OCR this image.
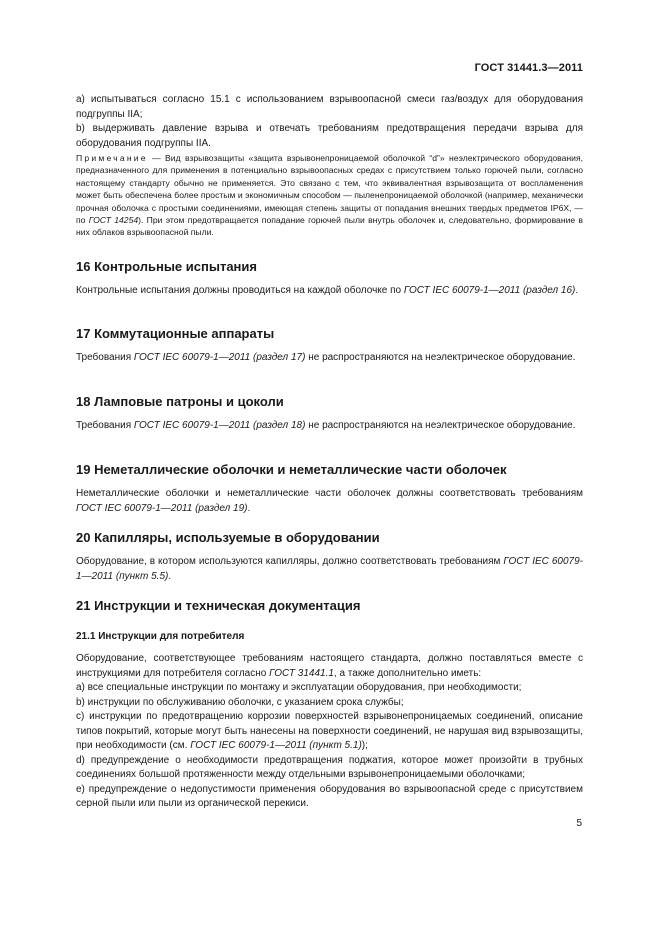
ГОСТ 31441.3—2011

а) испытываться согласно 15.1 с использованием взрывоопасной смеси газ/воздух для оборудования подгруппы IIA;

b) выдерживать давление взрыва и отвечать требованиям предотвращения передачи взрыва для оборудования подгруппы IIA.

Примечание — Вид взрывозащиты «защита взрывонепроницаемой оболочкой “d”» неэлектрического оборудования, предназначенного для применения в потенциально взрывоопасных средах с присутствием только горючей пыли, согласно настоящему стандарту обычно не применяется. Это связано с тем, что эквивалентная взрывозащита от воспламенения может быть обеспечена более простым и экономичным способом — пыленепроницаемой оболочкой (например, механически прочная оболочка с простыми соединениями, имеющая степень защиты от попадания внешних твердых предметов IP6X, — по ГОСТ 14254). При этом предотвращается попадание горючей пыли внутрь оболочек и, следовательно, формирование в них облаков взрывоопасной пыли.

16 Контрольные испытания

Контрольные испытания должны проводиться на каждой оболочке по ГОСТ IEC 60079-1—2011 (раздел 16).

17 Коммутационные аппараты

Требования ГОСТ IEC 60079-1—2011 (раздел 17) не распространяются на неэлектрическое оборудование.

18 Ламповые патроны и цоколи

Требования ГОСТ IEC 60079-1—2011 (раздел 18) не распространяются на неэлектрическое оборудование.

19 Неметаллические оболочки и неметаллические части оболочек

Неметаллические оболочки и неметаллические части оболочек должны соответствовать требованиям ГОСТ IEC 60079-1—2011 (раздел 19).

20 Капилляры, используемые в оборудовании

Оборудование, в котором используются капилляры, должно соответствовать требованиям ГОСТ IEC 60079-1—2011 (пункт 5.5).

21 Инструкции и техническая документация
21.1 Инструкции для потребителя

Оборудование, соответствующее требованиям настоящего стандарта, должно поставляться вместе с инструкциями для потребителя согласно ГОСТ 31441.1, а также дополнительно иметь:

а) все специальные инструкции по монтажу и эксплуатации оборудования, при необходимости;

b) инструкции по обслуживанию оболочки, с указанием срока службы;

с) инструкции по предотвращению коррозии поверхностей взрывонепроницаемых соединений, описание типов покрытий, которые могут быть нанесены на поверхности соединений, не нарушая вид взрывозащиты, при необходимости (см. ГОСТ IEC 60079-1—2011 (пункт 5.1));

d) предупреждение о необходимости предотвращения поджатия, которое может произойти в трубных соединениях большой протяженности между отдельными взрывонепроницаемыми оболочками;

е) предупреждение о недопустимости применения оборудования во взрывоопасной среде с присутствием серной пыли или пыли из органической перекиси.

5
